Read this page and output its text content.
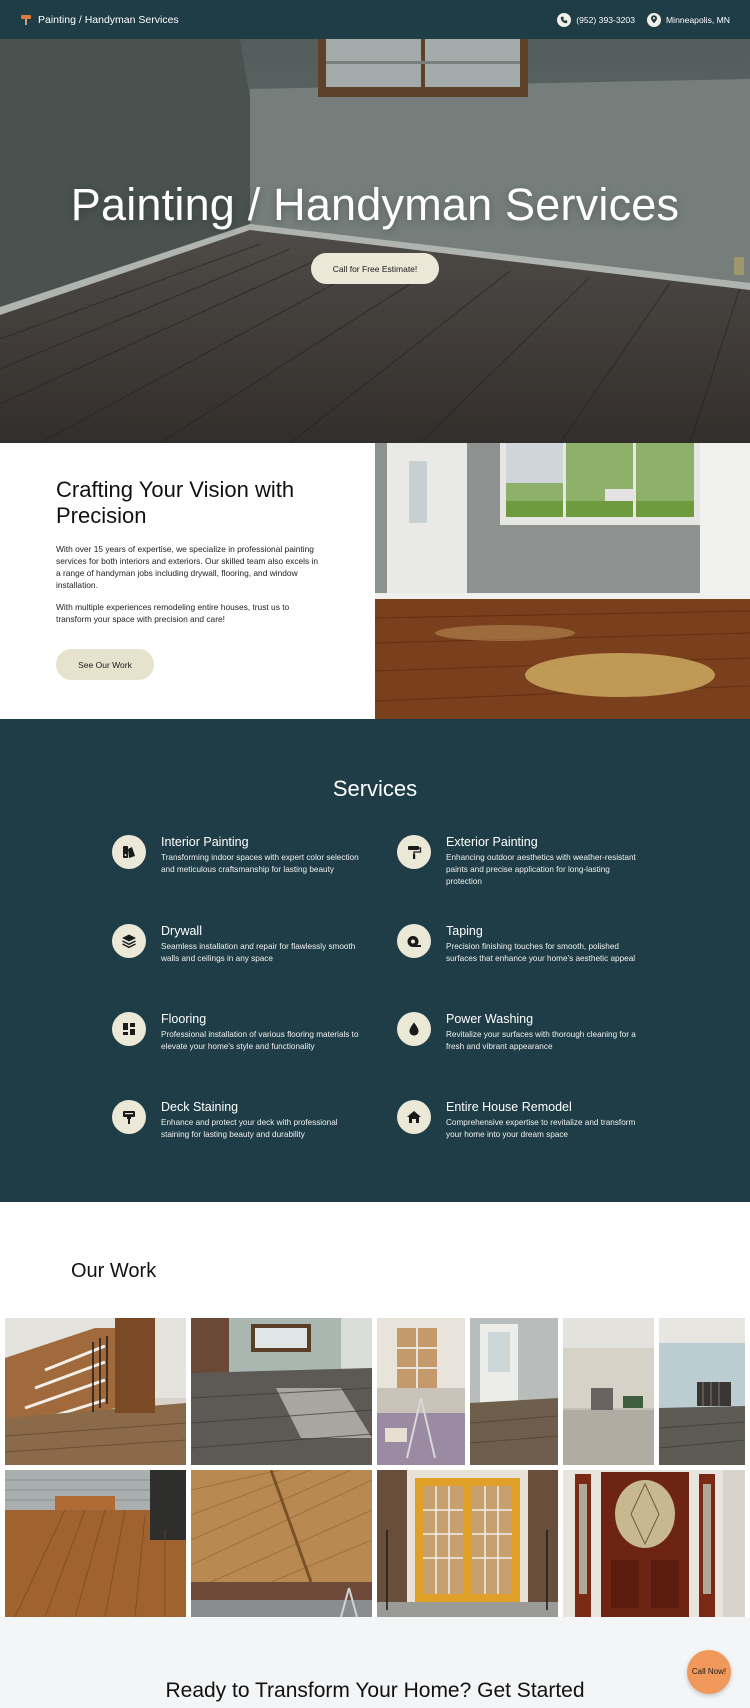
Painting / Handyman Services	(952) 393-3203	Minneapolis, MN
Painting / Handyman Services
Call for Free Estimate!
Crafting Your Vision with Precision

With over 15 years of expertise, we specialize in professional painting services for both interiors and exteriors. Our skilled team also excels in a range of handyman jobs including drywall, flooring, and window installation.

With multiple experiences remodeling entire houses, trust us to transform your space with precision and care!

See Our Work
Services
Interior Painting
Transforming indoor spaces with expert color selection and meticulous craftsmanship for lasting beauty
Exterior Painting
Enhancing outdoor aesthetics with weather-resistant paints and precise application for long-lasting protection
Drywall
Seamless installation and repair for flawlessly smooth walls and ceilings in any space
Taping
Precision finishing touches for smooth, polished surfaces that enhance your home's aesthetic appeal
Flooring
Professional installation of various flooring materials to elevate your home's style and functionality
Power Washing
Revitalize your surfaces with thorough cleaning for a fresh and vibrant appearance
Deck Staining
Enhance and protect your deck with professional staining for lasting beauty and durability
Entire House Remodel
Comprehensive expertise to revitalize and transform your home into your dream space
Our Work
Ready to Transform Your Home? Get Started
Call Now!
